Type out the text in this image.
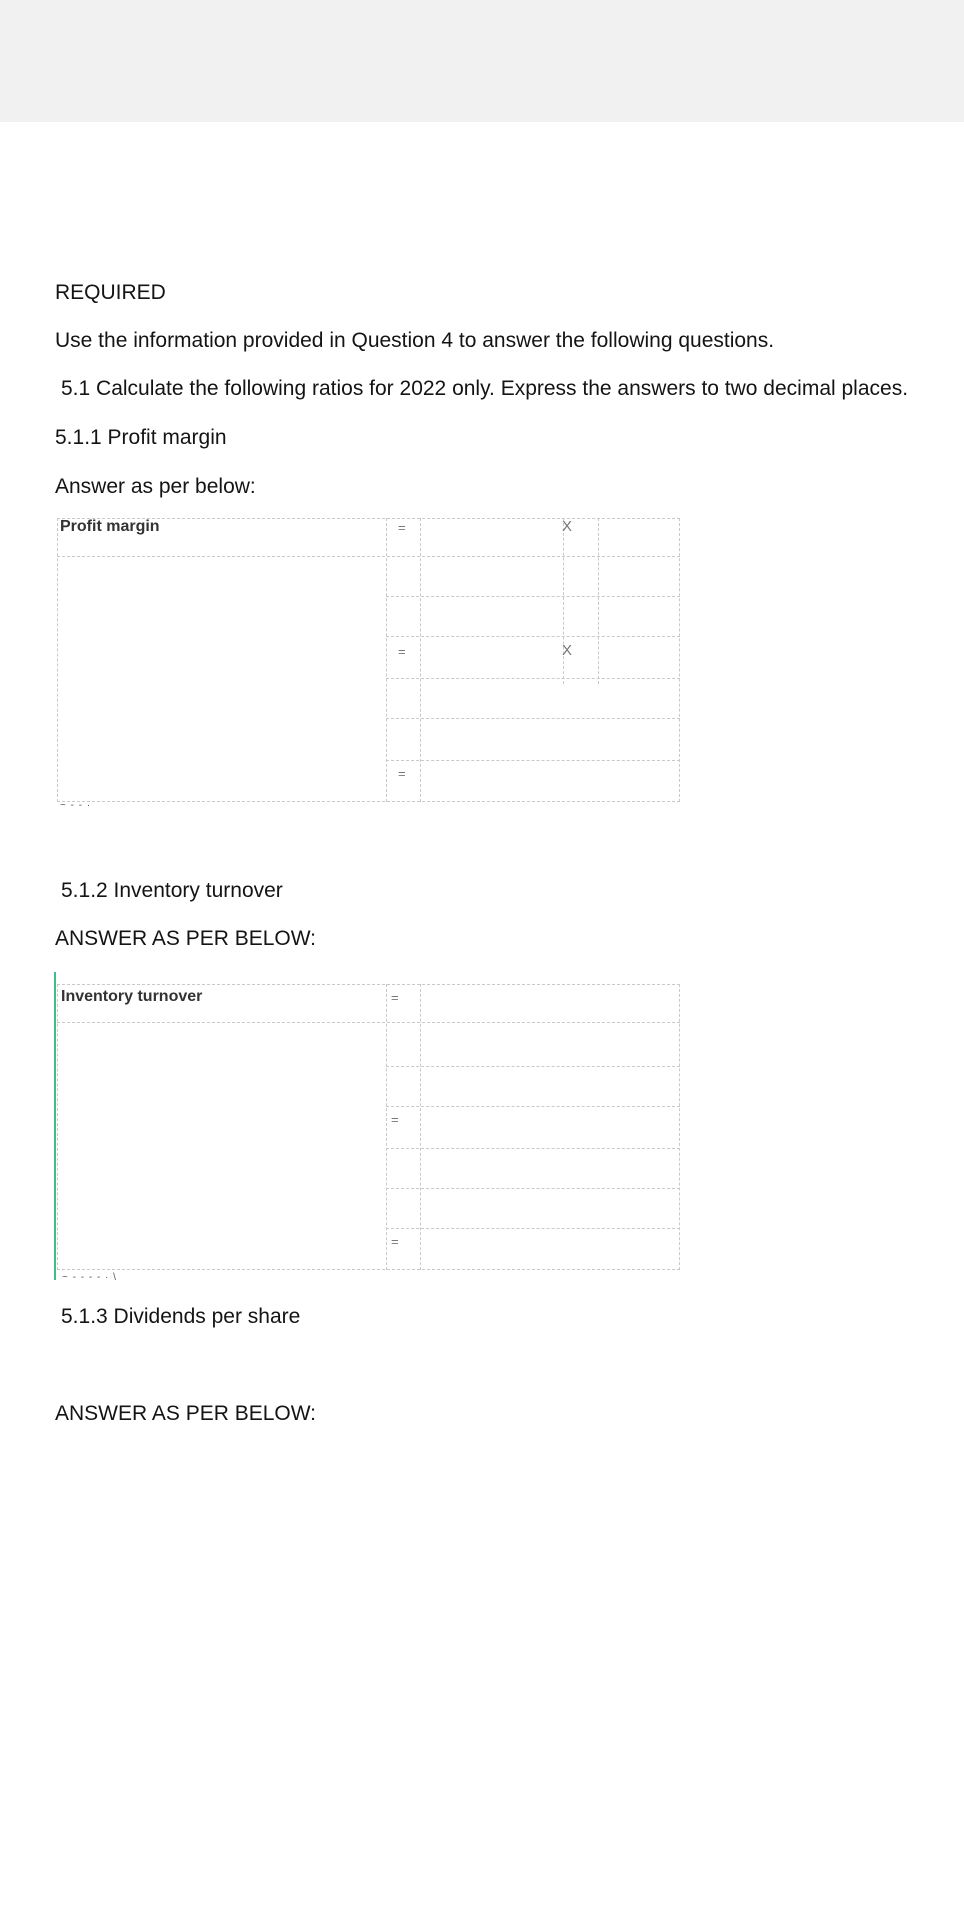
REQUIRED
Use the information provided in Question 4 to answer the following questions.
5.1 Calculate the following ratios for 2022 only. Express the answers to two decimal places.
5.1.1 Profit margin
Answer as per below:
Profit margin	=	X
=	X
=
~ - - ·
5.1.2 Inventory turnover
ANSWER AS PER BELOW:
Inventory turnover	=
=
=
~ - - - - · \
5.1.3 Dividends per share
ANSWER AS PER BELOW:
